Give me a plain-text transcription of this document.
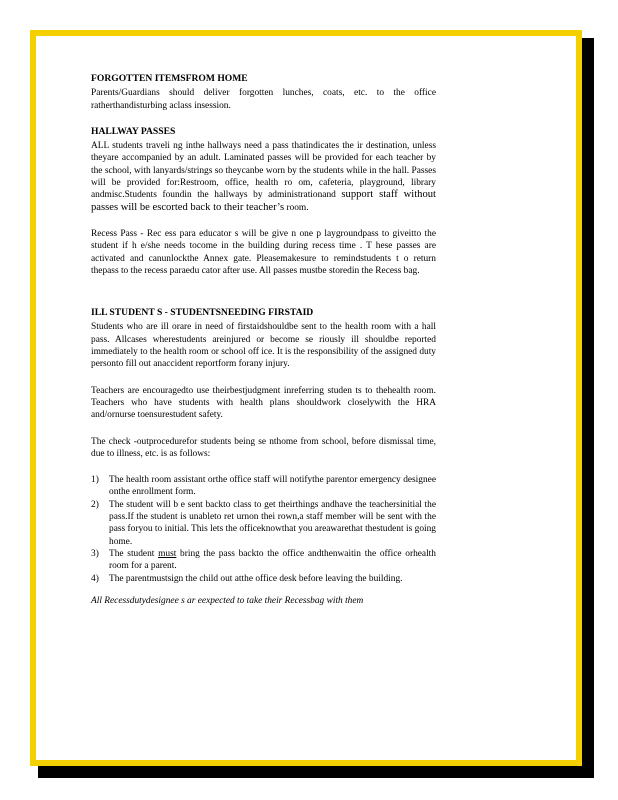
FORGOTTEN ITEMSFROM HOME

Parents/Guardians should deliver forgotten lunches, coats, etc. to the office ratherthandisturbing aclass insession.

HALLWAY PASSES

ALL students traveli ng inthe hallways need a pass thatindicates the ir destination, unless theyare accompanied by an adult. Laminated passes will be provided for each teacher by the school, with lanyards/strings so theycanbe worn by the students while in the hall. Passes will be provided for:Restroom, office, health ro om, cafeteria, playground, library andmisc.Students foundin the hallways by administrationand support staff without passes will be escorted back to their teacher’s room.

Recess Pass - Rec ess para educator s will be give n one p laygroundpass to giveitto the student if h e/she needs tocome in the building during recess time . T hese passes are activated and canunlockthe Annex gate. Pleasemakesure to remindstudents t o return thepass to the recess paraedu cator after use. All passes mustbe storedin the Recess bag.

ILL STUDENT S - STUDENTSNEEDING FIRSTAID

Students who are ill orare in need of firstaidshouldbe sent to the health room with a hall pass. Allcases wherestudents areinjured or become se riously ill shouldbe reported immediately to the health room or school off ice. It is the responsibility of the assigned duty personto fill out anaccident reportform forany injury.

Teachers are encouragedto use theirbestjudgment inreferring studen ts to thehealth room. Teachers who have students with health plans shouldwork closelywith the HRA and/ornurse toensurestudent safety.

The check -outprocedurefor students being se nthome from school, before dismissal time, due to illness, etc. is as follows:

1) The health room assistant orthe office staff will notifythe parentor emergency designee onthe enrollment form.
2) The student will b e sent backto class to get theirthings andhave the teachersinitial the pass.If the student is unableto ret urnon thei rown,a staff member will be sent with the pass foryou to initial. This lets the officeknowthat you areawarethat thestudent is going home.
3) The student must bring the pass backto the office andthenwaitin the office orhealth room for a parent.
4) The parentmustsign the child out atthe office desk before leaving the building.

All Recessdutydesignee s ar eexpected to take their Recessbag with them
